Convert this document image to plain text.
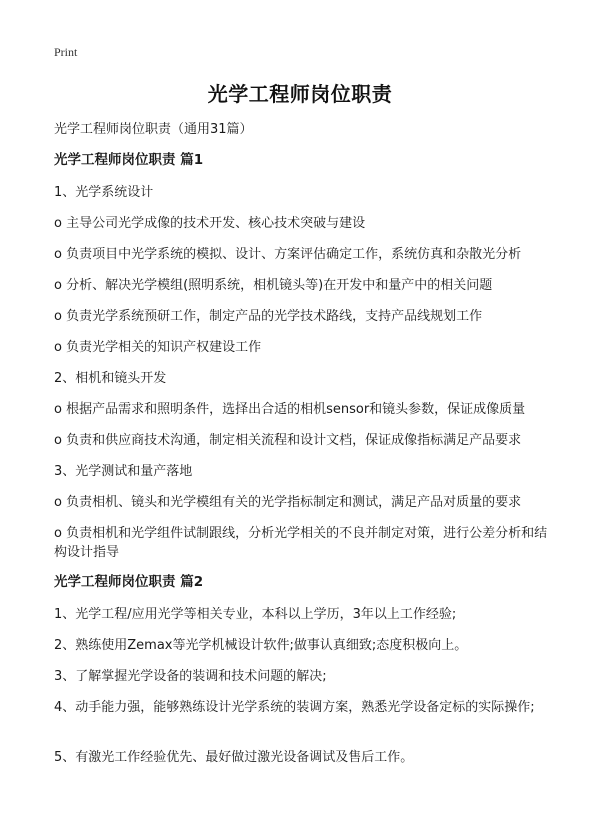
Print
光学工程师岗位职责
光学工程师岗位职责（通用31篇）
光学工程师岗位职责 篇1
1、光学系统设计
o 主导公司光学成像的技术开发、核心技术突破与建设
o 负责项目中光学系统的模拟、设计、方案评估确定工作，系统仿真和杂散光分析
o 分析、解决光学模组(照明系统，相机镜头等)在开发中和量产中的相关问题
o 负责光学系统预研工作，制定产品的光学技术路线，支持产品线规划工作
o 负责光学相关的知识产权建设工作
2、相机和镜头开发
o 根据产品需求和照明条件，选择出合适的相机sensor和镜头参数，保证成像质量
o 负责和供应商技术沟通，制定相关流程和设计文档，保证成像指标满足产品要求
3、光学测试和量产落地
o 负责相机、镜头和光学模组有关的光学指标制定和测试，满足产品对质量的要求
o 负责相机和光学组件试制跟线，分析光学相关的不良并制定对策，进行公差分析和结构设计指导
光学工程师岗位职责 篇2
1、光学工程/应用光学等相关专业，本科以上学历，3年以上工作经验;
2、熟练使用Zemax等光学机械设计软件;做事认真细致;态度积极向上。
3、了解掌握光学设备的装调和技术问题的解决;
4、动手能力强，能够熟练设计光学系统的装调方案，熟悉光学设备定标的实际操作;
5、有激光工作经验优先、最好做过激光设备调试及售后工作。
